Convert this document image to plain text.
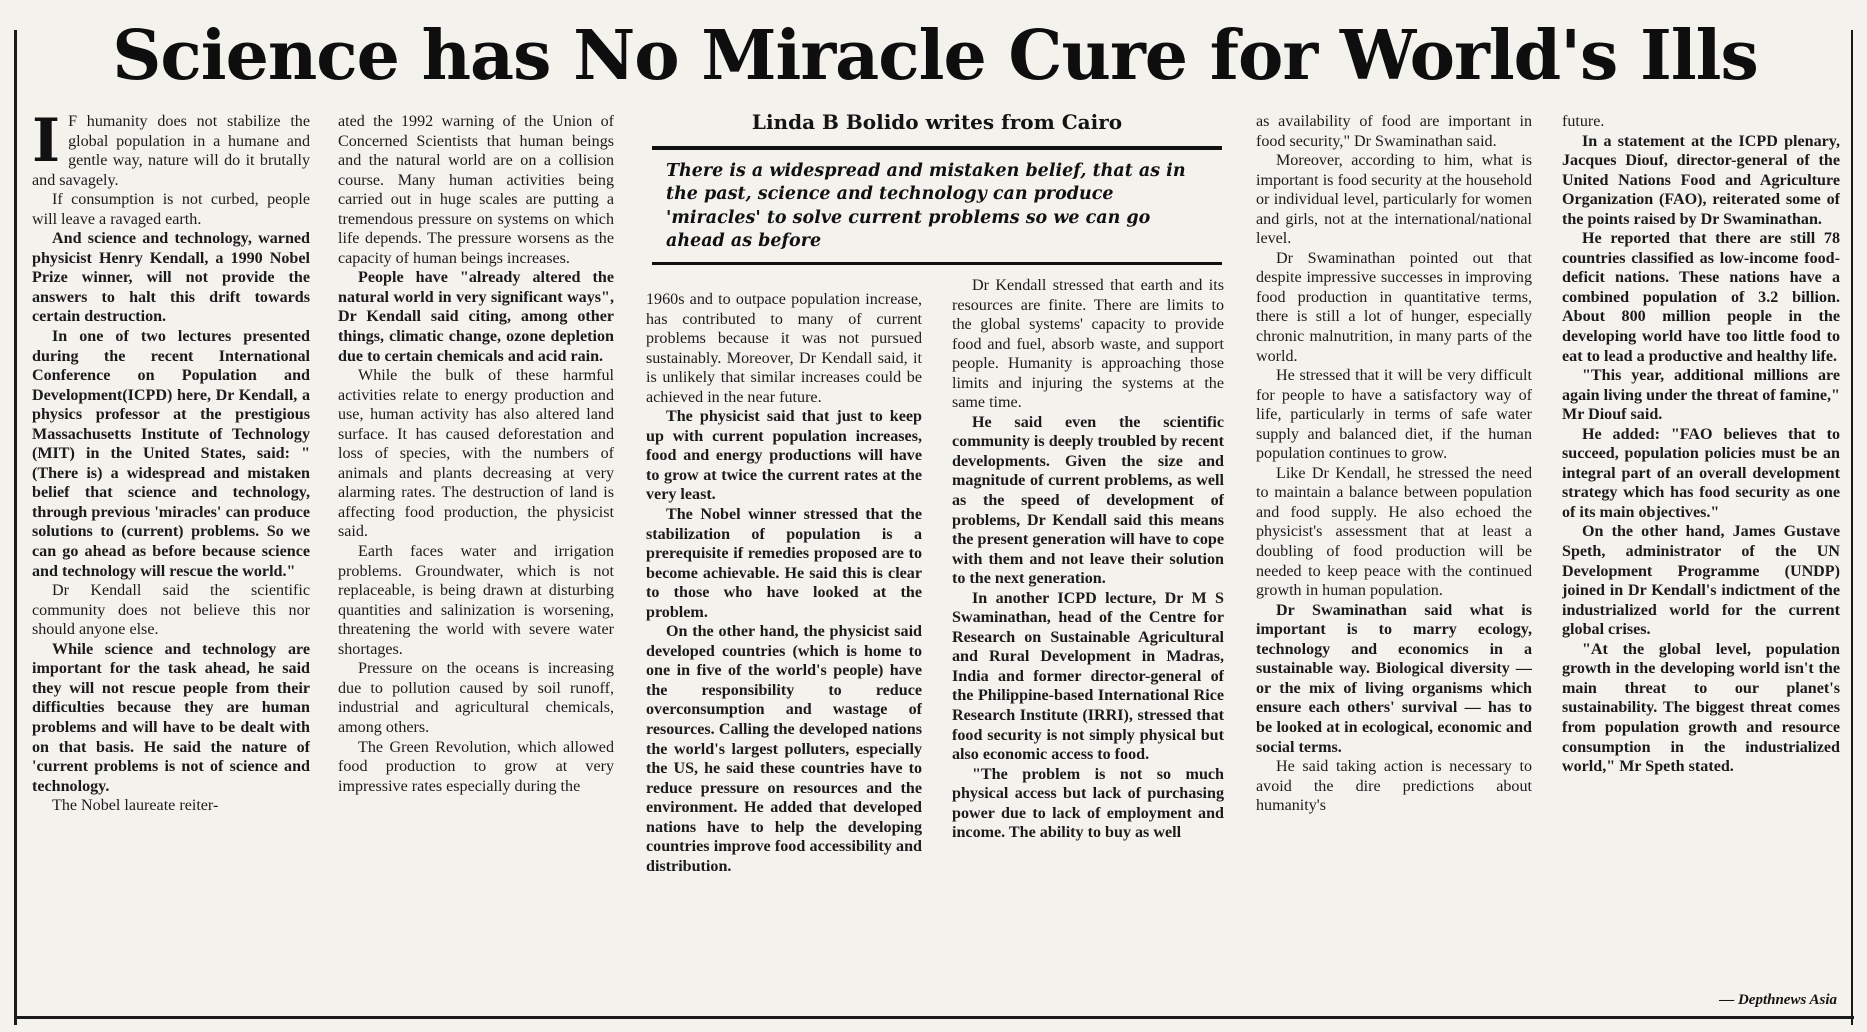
Science has No Miracle Cure for World's Ills

I F humanity does not stabilize the global population in a humane and gentle way, nature will do it brutally and savagely.

If consumption is not curbed, people will leave a ravaged earth.

And science and technology, warned physicist Henry Kendall, a 1990 Nobel Prize winner, will not provide the answers to halt this drift towards certain destruction.

In one of two lectures presented during the recent International Conference on Population and Development(ICPD) here, Dr Kendall, a physics professor at the prestigious Massachusetts Institute of Technology (MIT) in the United States, said: "(There is) a widespread and mistaken belief that science and technology, through previous 'miracles' can produce solutions to (current) problems. So we can go ahead as before because science and technology will rescue the world."

Dr Kendall said the scientific community does not believe this nor should anyone else.

While science and technology are important for the task ahead, he said they will not rescue people from their difficulties because they are human problems and will have to be dealt with on that basis. He said the nature of 'current problems is not of science and technology.

The Nobel laureate reiter-

ated the 1992 warning of the Union of Concerned Scientists that human beings and the natural world are on a collision course. Many human activities being carried out in huge scales are putting a tremendous pressure on systems on which life depends. The pressure worsens as the capacity of human beings increases.

People have "already altered the natural world in very significant ways", Dr Kendall said citing, among other things, climatic change, ozone depletion due to certain chemicals and acid rain.

While the bulk of these harmful activities relate to energy production and use, human activity has also altered land surface. It has caused deforestation and loss of species, with the numbers of animals and plants decreasing at very alarming rates. The destruction of land is affecting food production, the physicist said.

Earth faces water and irrigation problems. Groundwater, which is not replaceable, is being drawn at disturbing quantities and salinization is worsening, threatening the world with severe water shortages.

Pressure on the oceans is increasing due to pollution caused by soil runoff, industrial and agricultural chemicals, among others.

The Green Revolution, which allowed food production to grow at very impressive rates especially during the

Linda B Bolido writes from Cairo
There is a widespread and mistaken belief, that as in the past, science and technology can produce 'miracles' to solve current problems so we can go ahead as before

1960s and to outpace population increase, has contributed to many of current problems because it was not pursued sustainably. Moreover, Dr Kendall said, it is unlikely that similar increases could be achieved in the near future.

The physicist said that just to keep up with current population increases, food and energy productions will have to grow at twice the current rates at the very least.

The Nobel winner stressed that the stabilization of population is a prerequisite if remedies proposed are to become achievable. He said this is clear to those who have looked at the problem.

On the other hand, the physicist said developed countries (which is home to one in five of the world's people) have the responsibility to reduce overconsumption and wastage of resources. Calling the developed nations the world's largest polluters, especially the US, he said these countries have to reduce pressure on resources and the environment. He added that developed nations have to help the developing countries improve food accessibility and distribution.

Dr Kendall stressed that earth and its resources are finite. There are limits to the global systems' capacity to provide food and fuel, absorb waste, and support people. Humanity is approaching those limits and injuring the systems at the same time.

He said even the scientific community is deeply troubled by recent developments. Given the size and magnitude of current problems, as well as the speed of development of problems, Dr Kendall said this means the present generation will have to cope with them and not leave their solution to the next generation.

In another ICPD lecture, Dr M S Swaminathan, head of the Centre for Research on Sustainable Agricultural and Rural Development in Madras, India and former director-general of the Philippine-based International Rice Research Institute (IRRI), stressed that food security is not simply physical but also economic access to food.

"The problem is not so much physical access but lack of purchasing power due to lack of employment and income. The ability to buy as well

as availability of food are important in food security," Dr Swaminathan said.

Moreover, according to him, what is important is food security at the household or individual level, particularly for women and girls, not at the international/national level.

Dr Swaminathan pointed out that despite impressive successes in improving food production in quantitative terms, there is still a lot of hunger, especially chronic malnutrition, in many parts of the world.

He stressed that it will be very difficult for people to have a satisfactory way of life, particularly in terms of safe water supply and balanced diet, if the human population continues to grow.

Like Dr Kendall, he stressed the need to maintain a balance between population and food supply. He also echoed the physicist's assessment that at least a doubling of food production will be needed to keep peace with the continued growth in human population.

Dr Swaminathan said what is important is to marry ecology, technology and economics in a sustainable way. Biological diversity — or the mix of living organisms which ensure each others' survival — has to be looked at in ecological, economic and social terms.

He said taking action is necessary to avoid the dire predictions about humanity's

future.

In a statement at the ICPD plenary, Jacques Diouf, director-general of the United Nations Food and Agriculture Organization (FAO), reiterated some of the points raised by Dr Swaminathan.

He reported that there are still 78 countries classified as low-income food-deficit nations. These nations have a combined population of 3.2 billion. About 800 million people in the developing world have too little food to eat to lead a productive and healthy life.

"This year, additional millions are again living under the threat of famine," Mr Diouf said.

He added: "FAO believes that to succeed, population policies must be an integral part of an overall development strategy which has food security as one of its main objectives."

On the other hand, James Gustave Speth, administrator of the UN Development Programme (UNDP) joined in Dr Kendall's indictment of the industrialized world for the current global crises.

"At the global level, population growth in the developing world isn't the main threat to our planet's sustainability. The biggest threat comes from population growth and resource consumption in the industrialized world," Mr Speth stated.

— Depthnews Asia
